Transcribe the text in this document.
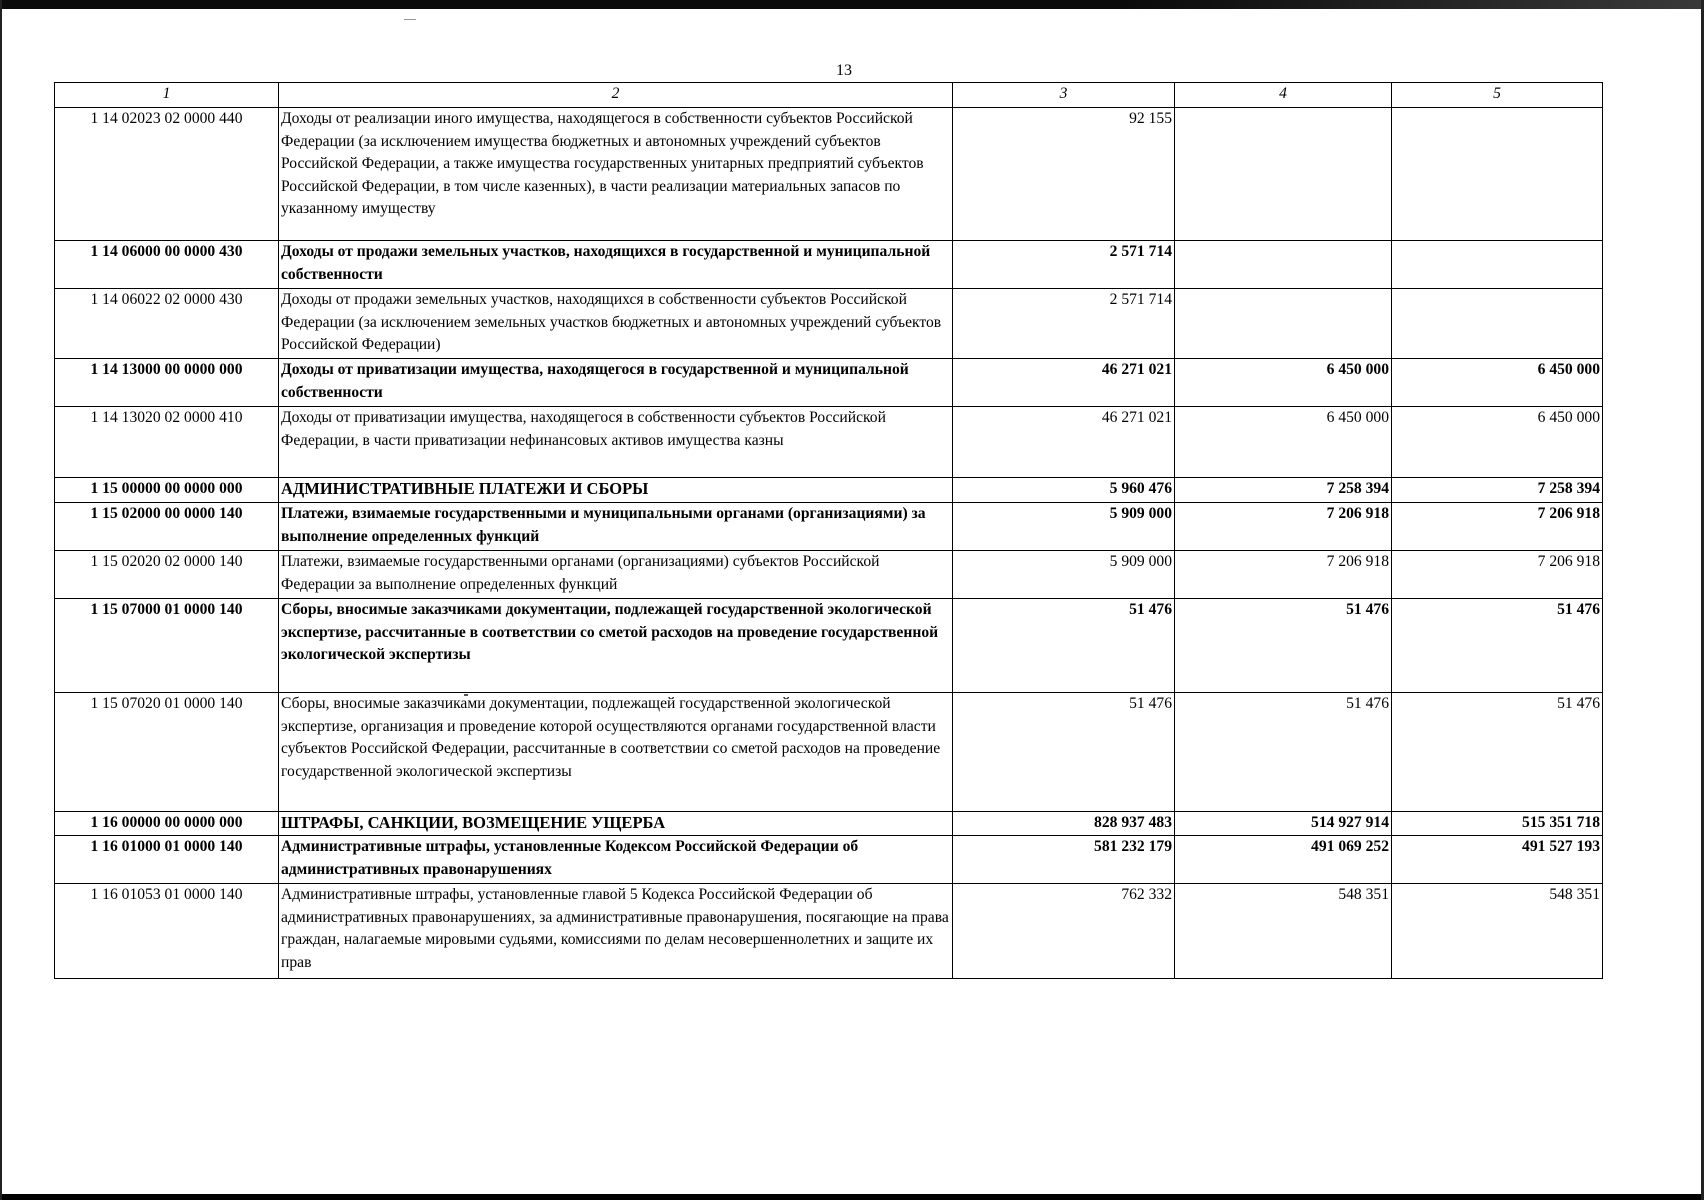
13
1	2	3	4	5
1 14 02023 02 0000 440	Доходы от реализации иного имущества, находящегося в собственности субъектов Российской Федерации (за исключением имущества бюджетных и автономных учреждений субъектов Российской Федерации, а также имущества государственных унитарных предприятий субъектов Российской Федерации, в том числе казенных), в части реализации материальных запасов по указанному имуществу	92 155		
1 14 06000 00 0000 430	Доходы от продажи земельных участков, находящихся в государственной и муниципальной собственности	2 571 714		
1 14 06022 02 0000 430	Доходы от продажи земельных участков, находящихся в собственности субъектов Российской Федерации (за исключением земельных участков бюджетных и автономных учреждений субъектов Российской Федерации)	2 571 714		
1 14 13000 00 0000 000	Доходы от приватизации имущества, находящегося в государственной и муниципальной собственности	46 271 021	6 450 000	6 450 000
1 14 13020 02 0000 410	Доходы от приватизации имущества, находящегося в собственности субъектов Российской Федерации, в части приватизации нефинансовых активов имущества казны	46 271 021	6 450 000	6 450 000
1 15 00000 00 0000 000	АДМИНИСТРАТИВНЫЕ ПЛАТЕЖИ И СБОРЫ	5 960 476	7 258 394	7 258 394
1 15 02000 00 0000 140	Платежи, взимаемые государственными и муниципальными органами (организациями) за выполнение определенных функций	5 909 000	7 206 918	7 206 918
1 15 02020 02 0000 140	Платежи, взимаемые государственными органами (организациями) субъектов Российской Федерации за выполнение определенных функций	5 909 000	7 206 918	7 206 918
1 15 07000 01 0000 140	Сборы, вносимые заказчиками документации, подлежащей государственной экологической экспертизе, рассчитанные в соответствии со сметой расходов на проведение государственной экологической экспертизы	51 476	51 476	51 476
1 15 07020 01 0000 140	Сборы, вносимые заказчиками документации, подлежащей государственной экологической экспертизе, организация и проведение которой осуществляются органами государственной власти субъектов Российской Федерации, рассчитанные в соответствии со сметой расходов на проведение государственной экологической экспертизы	51 476	51 476	51 476
1 16 00000 00 0000 000	ШТРАФЫ, САНКЦИИ, ВОЗМЕЩЕНИЕ УЩЕРБА	828 937 483	514 927 914	515 351 718
1 16 01000 01 0000 140	Административные штрафы, установленные Кодексом Российской Федерации об административных правонарушениях	581 232 179	491 069 252	491 527 193
1 16 01053 01 0000 140	Административные штрафы, установленные главой 5 Кодекса Российской Федерации об административных правонарушениях, за административные правонарушения, посягающие на права граждан, налагаемые мировыми судьями, комиссиями по делам несовершеннолетних и защите их прав	762 332	548 351	548 351
